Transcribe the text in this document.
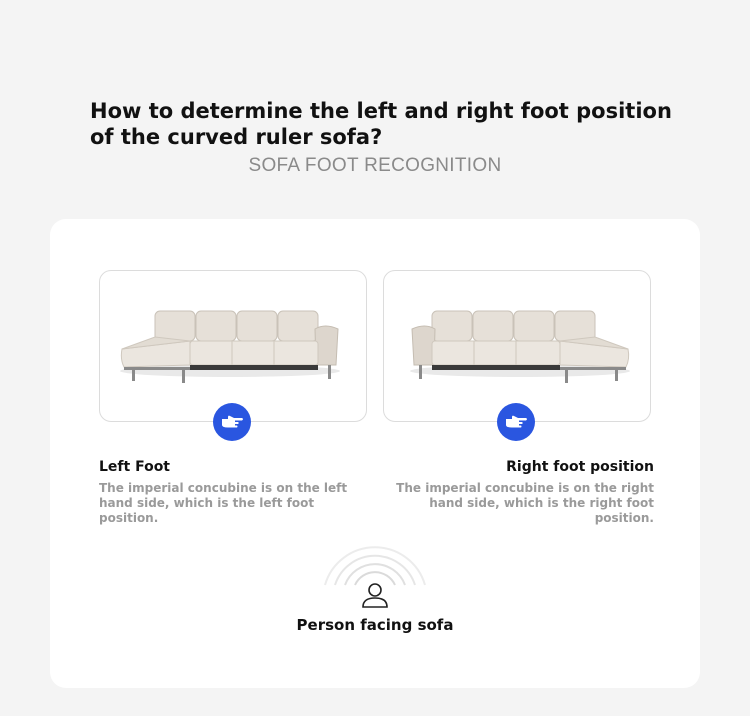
How to determine the left and right foot position of the curved ruler sofa?
SOFA FOOT RECOGNITION
Left Foot
The imperial concubine is on the left hand side, which is the left foot position.
Right foot position
The imperial concubine is on the right hand side, which is the right foot position.
Person facing sofa
